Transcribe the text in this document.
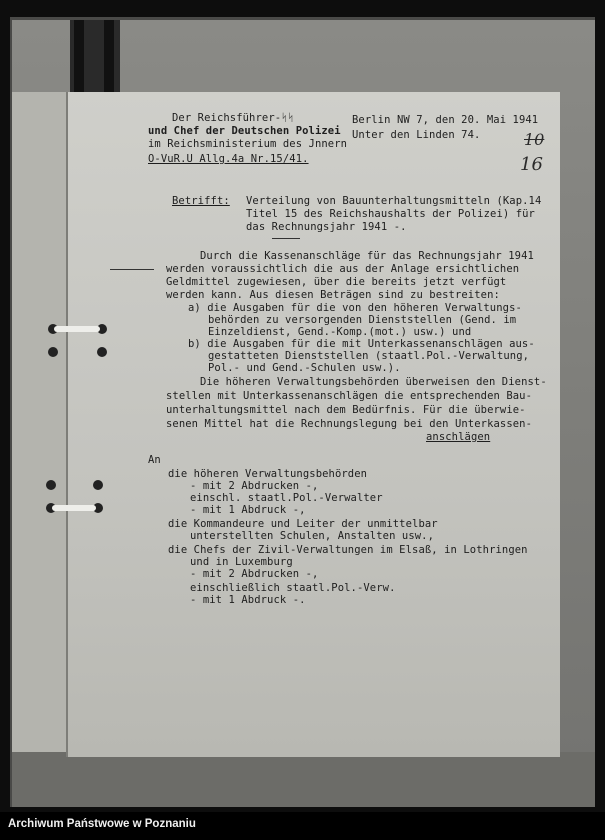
Der Reichsführer-ᛋᛋ
und Chef der Deutschen Polizei
im Reichsministerium des Jnnern
O-VuR.U Allg.4a Nr.15/41.
Berlin NW 7, den 20. Mai 1941
Unter den Linden 74.	10
16
Betrifft: Verteilung von Bauunterhaltungsmitteln (Kap.14
Titel 15 des Reichshaushalts der Polizei) für
das Rechnungsjahr 1941 -.
Durch die Kassenanschläge für das Rechnungsjahr 1941
werden voraussichtlich die aus der Anlage ersichtlichen
Geldmittel zugewiesen, über die bereits jetzt verfügt
werden kann. Aus diesen Beträgen sind zu bestreiten:
a) die Ausgaben für die von den höheren Verwaltungs-
behörden zu versorgenden Dienststellen (Gend. im
Einzeldienst, Gend.-Komp.(mot.) usw.) und
b) die Ausgaben für die mit Unterkassenanschlägen aus-
gestatteten Dienststellen (staatl.Pol.-Verwaltung,
Pol.- und Gend.-Schulen usw.).
Die höheren Verwaltungsbehörden überweisen den Dienst-
stellen mit Unterkassenanschlägen die entsprechenden Bau-
unterhaltungsmittel nach dem Bedürfnis. Für die überwie-
senen Mittel hat die Rechnungslegung bei den Unterkassen-
anschlägen
An
die höheren Verwaltungsbehörden
- mit 2 Abdrucken -,
einschl. staatl.Pol.-Verwalter
- mit 1 Abdruck -,
die Kommandeure und Leiter der unmittelbar
unterstellten Schulen, Anstalten usw.,
die Chefs der Zivil-Verwaltungen im Elsaß, in Lothringen
und in Luxemburg
- mit 2 Abdrucken -,
einschließlich staatl.Pol.-Verw.
- mit 1 Abdruck -.
Archiwum Państwowe w Poznaniu
